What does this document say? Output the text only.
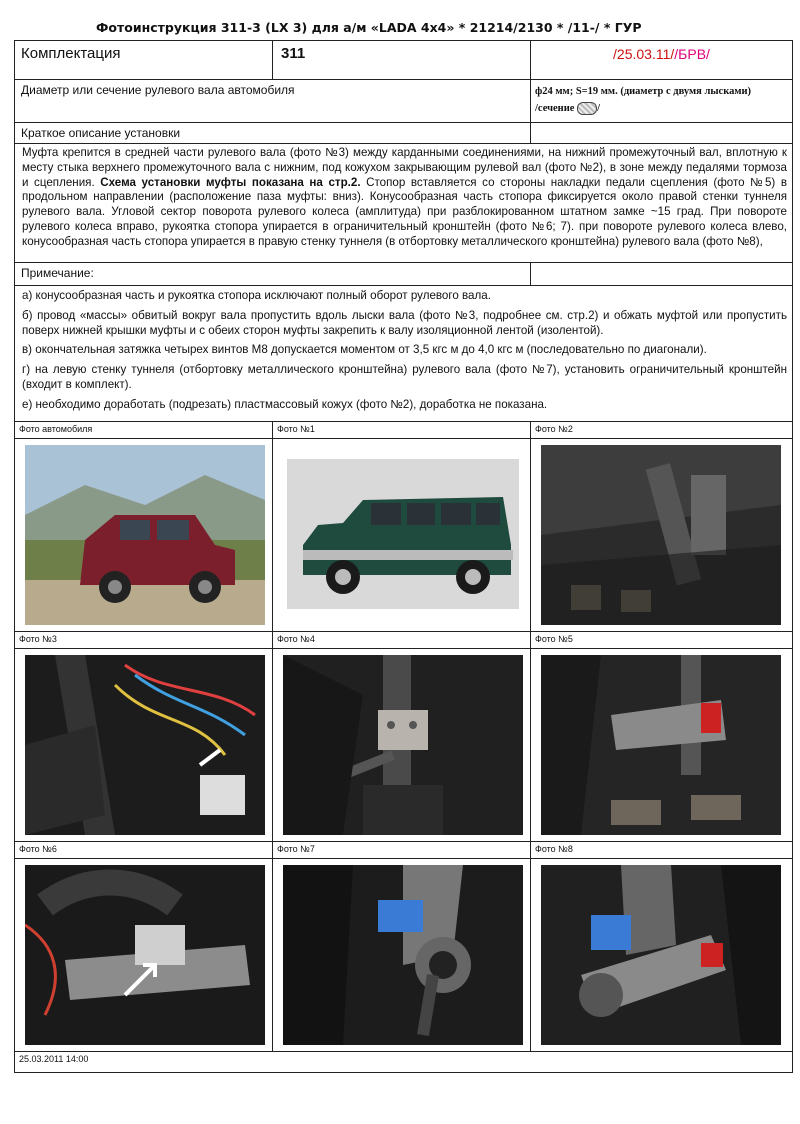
Фотоинструкция 311-3 (LX 3) для а/м «LADA 4x4» * 21214/2130 * /11-/ * ГУР
Комплектация	311	/25.03.11//БРВ/
Диаметр или сечение рулевого вала автомобиля		ф24 мм; S=19 мм. (диаметр с двумя лысками)
/сечение /

Краткое описание установки		
Муфта крепится в средней части рулевого вала (фото №3) между карданными соединениями, на нижний промежуточный вал, вплотную к месту стыка верхнего промежуточного вала с нижним, под кожухом закрывающим рулевой вал (фото №2), в зоне между педалями тормоза и сцепления. Схема установки муфты показана на стр.2. Стопор вставляется со стороны накладки педали сцепления (фото №5) в продольном направлении (расположение паза муфты: вниз). Конусообразная часть стопора фиксируется около правой стенки туннеля рулевого вала. Угловой сектор поворота рулевого колеса (амплитуда) при разблокированном штатном замке ~15 град. При повороте рулевого колеса вправо, рукоятка стопора упирается в ограничительный кронштейн (фото №6; 7). при повороте рулевого колеса влево, конусообразная часть стопора упирается в правую стенку туннеля (в отбортовку металлического кронштейна) рулевого вала (фото №8),		
Примечание:		

а) конусообразная часть и рукоятка стопора исключают полный оборот рулевого вала.

б) провод «массы» обвитый вокруг вала пропустить вдоль лыски вала (фото №3, подробнее см. стр.2) и обжать муфтой или пропустить поверх нижней крышки муфты и с обеих сторон муфты закрепить к валу изоляционной лентой (изолентой).

в) окончательная затяжка четырех винтов М8 допускается моментом от 3,5 кгс м до 4,0 кгс м (последовательно по диагонали).

г) на левую стенку туннеля (отбортовку металлического кронштейна) рулевого вала (фото №7), установить ограничительный кронштейн (входит в комплект).

е) необходимо доработать (подрезать) пластмассовый кожух (фото №2), доработка не показана.		

Фото автомобиля	Фото №1	Фото №2

Фото №3	Фото №4	Фото №5

Фото №6	Фото №7	Фото №8

25.03.2011 14:00		
